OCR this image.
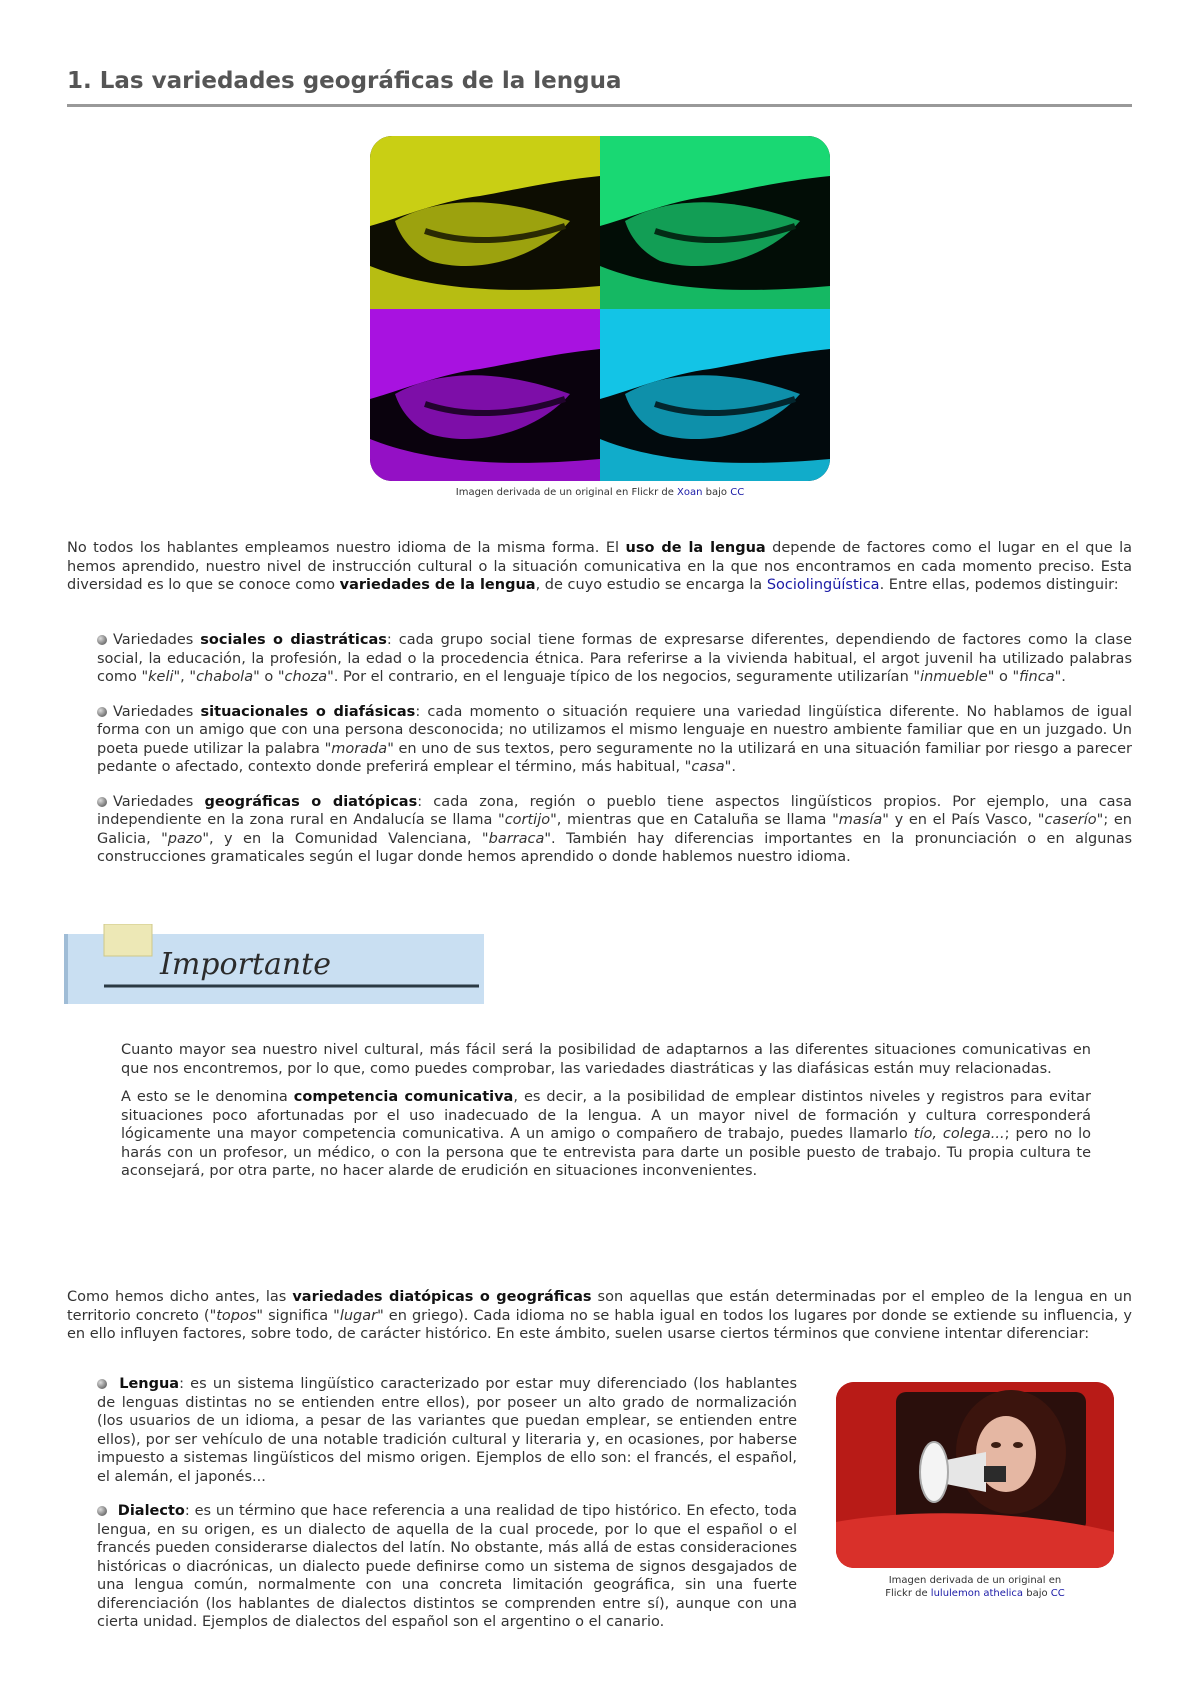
1. Las variedades geográficas de la lengua
Imagen derivada de un original en Flickr de Xoan bajo CC

No todos los hablantes empleamos nuestro idioma de la misma forma. El uso de la lengua depende de factores como el lugar en el que la hemos aprendido, nuestro nivel de instrucción cultural o la situación comunicativa en la que nos encontramos en cada momento preciso. Esta diversidad es lo que se conoce como variedades de la lengua, de cuyo estudio se encarga la Sociolingüística. Entre ellas, podemos distinguir:

Variedades sociales o diastráticas: cada grupo social tiene formas de expresarse diferentes, dependiendo de factores como la clase social, la educación, la profesión, la edad o la procedencia étnica. Para referirse a la vivienda habitual, el argot juvenil ha utilizado palabras como "keli", "chabola" o "choza". Por el contrario, en el lenguaje típico de los negocios, seguramente utilizarían "inmueble" o "finca".
Variedades situacionales o diafásicas: cada momento o situación requiere una variedad lingüística diferente. No hablamos de igual forma con un amigo que con una persona desconocida; no utilizamos el mismo lenguaje en nuestro ambiente familiar que en un juzgado. Un poeta puede utilizar la palabra "morada" en uno de sus textos, pero seguramente no la utilizará en una situación familiar por riesgo a parecer pedante o afectado, contexto donde preferirá emplear el término, más habitual, "casa".
Variedades geográficas o diatópicas: cada zona, región o pueblo tiene aspectos lingüísticos propios. Por ejemplo, una casa independiente en la zona rural en Andalucía se llama "cortijo", mientras que en Cataluña se llama "masía" y en el País Vasco, "caserío"; en Galicia, "pazo", y en la Comunidad Valenciana, "barraca". También hay diferencias importantes en la pronunciación o en algunas construcciones gramaticales según el lugar donde hemos aprendido o donde hablemos nuestro idioma.
Importante

Cuanto mayor sea nuestro nivel cultural, más fácil será la posibilidad de adaptarnos a las diferentes situaciones comunicativas en que nos encontremos, por lo que, como puedes comprobar, las variedades diastráticas y las diafásicas están muy relacionadas.

A esto se le denomina competencia comunicativa, es decir, a la posibilidad de emplear distintos niveles y registros para evitar situaciones poco afortunadas por el uso inadecuado de la lengua. A un mayor nivel de formación y cultura corresponderá lógicamente una mayor competencia comunicativa. A un amigo o compañero de trabajo, puedes llamarlo tío, colega...; pero no lo harás con un profesor, un médico, o con la persona que te entrevista para darte un posible puesto de trabajo. Tu propia cultura te aconsejará, por otra parte, no hacer alarde de erudición en situaciones inconvenientes.

Como hemos dicho antes, las variedades diatópicas o geográficas son aquellas que están determinadas por el empleo de la lengua en un territorio concreto ("topos" significa "lugar" en griego). Cada idioma no se habla igual en todos los lugares por donde se extiende su influencia, y en ello influyen factores, sobre todo, de carácter histórico. En este ámbito, suelen usarse ciertos términos que conviene intentar diferenciar:

Lengua: es un sistema lingüístico caracterizado por estar muy diferenciado (los hablantes de lenguas distintas no se entienden entre ellos), por poseer un alto grado de normalización (los usuarios de un idioma, a pesar de las variantes que puedan emplear, se entienden entre ellos), por ser vehículo de una notable tradición cultural y literaria y, en ocasiones, por haberse impuesto a sistemas lingüísticos del mismo origen. Ejemplos de ello son: el francés, el español, el alemán, el japonés...

Dialecto: es un término que hace referencia a una realidad de tipo histórico. En efecto, toda lengua, en su origen, es un dialecto de aquella de la cual procede, por lo que el español o el francés pueden considerarse dialectos del latín. No obstante, más allá de estas consideraciones históricas o diacrónicas, un dialecto puede definirse como un sistema de signos desgajados de una lengua común, normalmente con una concreta limitación geográfica, sin una fuerte diferenciación (los hablantes de dialectos distintos se comprenden entre sí), aunque con una cierta unidad. Ejemplos de dialectos del español son el argentino o el canario.

Imagen derivada de un original en
Flickr de lululemon athelica bajo CC
